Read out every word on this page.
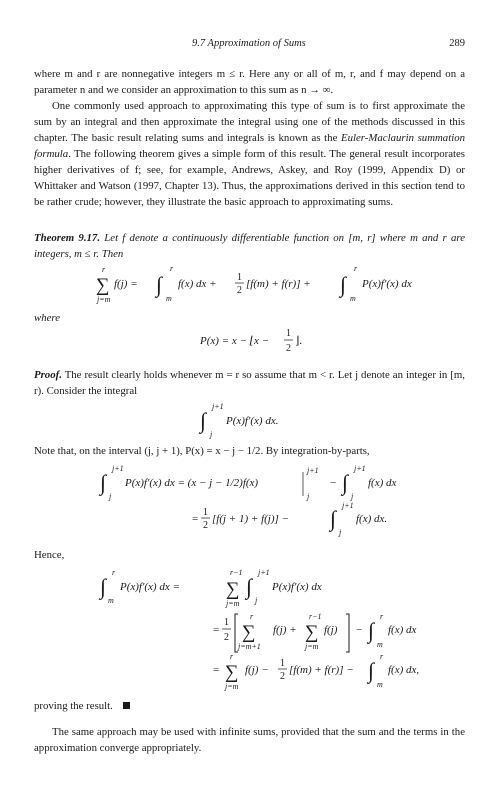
9.7 Approximation of Sums	289

where m and r are nonnegative integers m ≤ r. Here any or all of m, r, and f may depend on a parameter n and we consider an approximation to this sum as n → ∞.

One commonly used approach to approximating this type of sum is to first approximate the sum by an integral and then approximate the integral using one of the methods discussed in this chapter. The basic result relating sums and integrals is known as the Euler-Maclaurin summation formula. The following theorem gives a simple form of this result. The general result incorporates higher derivatives of f; see, for example, Andrews, Askey, and Roy (1999, Appendix D) or Whittaker and Watson (1997, Chapter 13). Thus, the approximations derived in this section tend to be rather crude; however, they illustrate the basic approach to approximating sums.

Theorem 9.17. Let f denote a continuously differentiable function on [m, r] where m and r are integers, m ≤ r. Then

r
∑
j=m
f(j) = ∫
r
m
f(x) dx +
1
2
[f(m) + f(r)] + ∫
r
m
P(x)f′(x) dx
where
P(x) = x − ⌊x −
1
2
⌋.

Proof. The result clearly holds whenever m = r so assume that m < r. Let j denote an integer in [m, r). Consider the integral

∫
j+1
j
P(x)f′(x) dx.

Note that, on the interval (j, j + 1), P(x) = x − j − 1/2. By integration-by-parts,

∫
j+1
j
P(x)f′(x) dx = (x − j − 1/2)f(x)
j+1
j
− ∫
j+1
j
f(x) dx
=
1
2
[f(j + 1) + f(j)] − ∫
j+1
j
f(x) dx.
Hence,
∫
r
m
P(x)f′(x) dx =
r−1
∑
j=m
∫
j+1
j
P(x)f′(x) dx
=
1
2
r
∑
j=m+1
f(j) +
r−1
∑
j=m
f(j) − ∫
r
m
f(x) dx
=
r
∑
j=m
f(j) −
1
2
[f(m) + f(r)] − ∫
r
m
f(x) dx,
proving the result.

The same approach may be used with infinite sums, provided that the sum and the terms in the approximation converge appropriately.
